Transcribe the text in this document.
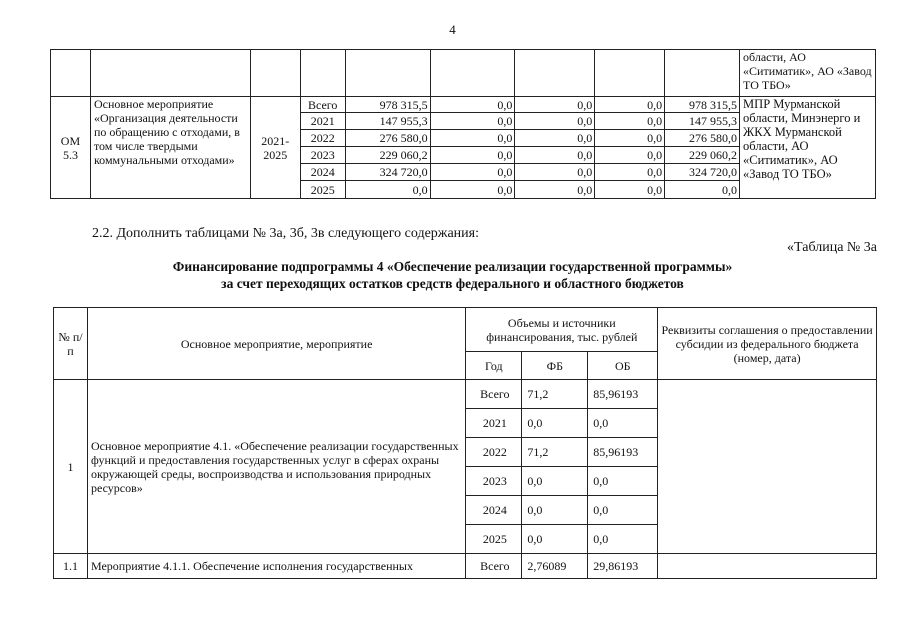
4
									области, АО «Ситиматик», АО «Завод ТО ТБО»
ОМ 5.3	Основное мероприятие «Организация деятельности по обращению с отходами, в том числе твердыми коммунальными отходами»	2021-2025	Всего	978 315,5	0,0	0,0	0,0	978 315,5	МПР Мурманской области, Минэнерго и ЖКХ Мурманской области, АО «Ситиматик», АО «Завод ТО ТБО»
			2021	147 955,3	0,0	0,0	0,0	147 955,3	
			2022	276 580,0	0,0	0,0	0,0	276 580,0	
			2023	229 060,2	0,0	0,0	0,0	229 060,2	
			2024	324 720,0	0,0	0,0	0,0	324 720,0	
			2025	0,0	0,0	0,0	0,0	0,0	
2.2. Дополнить таблицами № 3а, 3б, 3в следующего содержания:
«Таблица № 3а
Финансирование подпрограммы 4 «Обеспечение реализации государственной программы»
за счет переходящих остатков средств федерального и областного бюджетов
№ п/п	Основное мероприятие, мероприятие	Объемы и источники финансирования, тыс. рублей			Реквизиты соглашения о предоставлении субсидии из федерального бюджета (номер, дата)
		Год	ФБ	ОБ	
1	Основное мероприятие 4.1. «Обеспечение реализации государственных функций и предоставления государственных услуг в сферах охраны окружающей среды, воспроизводства и использования природных ресурсов»	Всего	71,2	85,96193	
		2021	0,0	0,0	
		2022	71,2	85,96193	
		2023	0,0	0,0	
		2024	0,0	0,0	
		2025	0,0	0,0	
1.1	Мероприятие 4.1.1. Обеспечение исполнения государственных	Всего	2,76089	29,86193	
